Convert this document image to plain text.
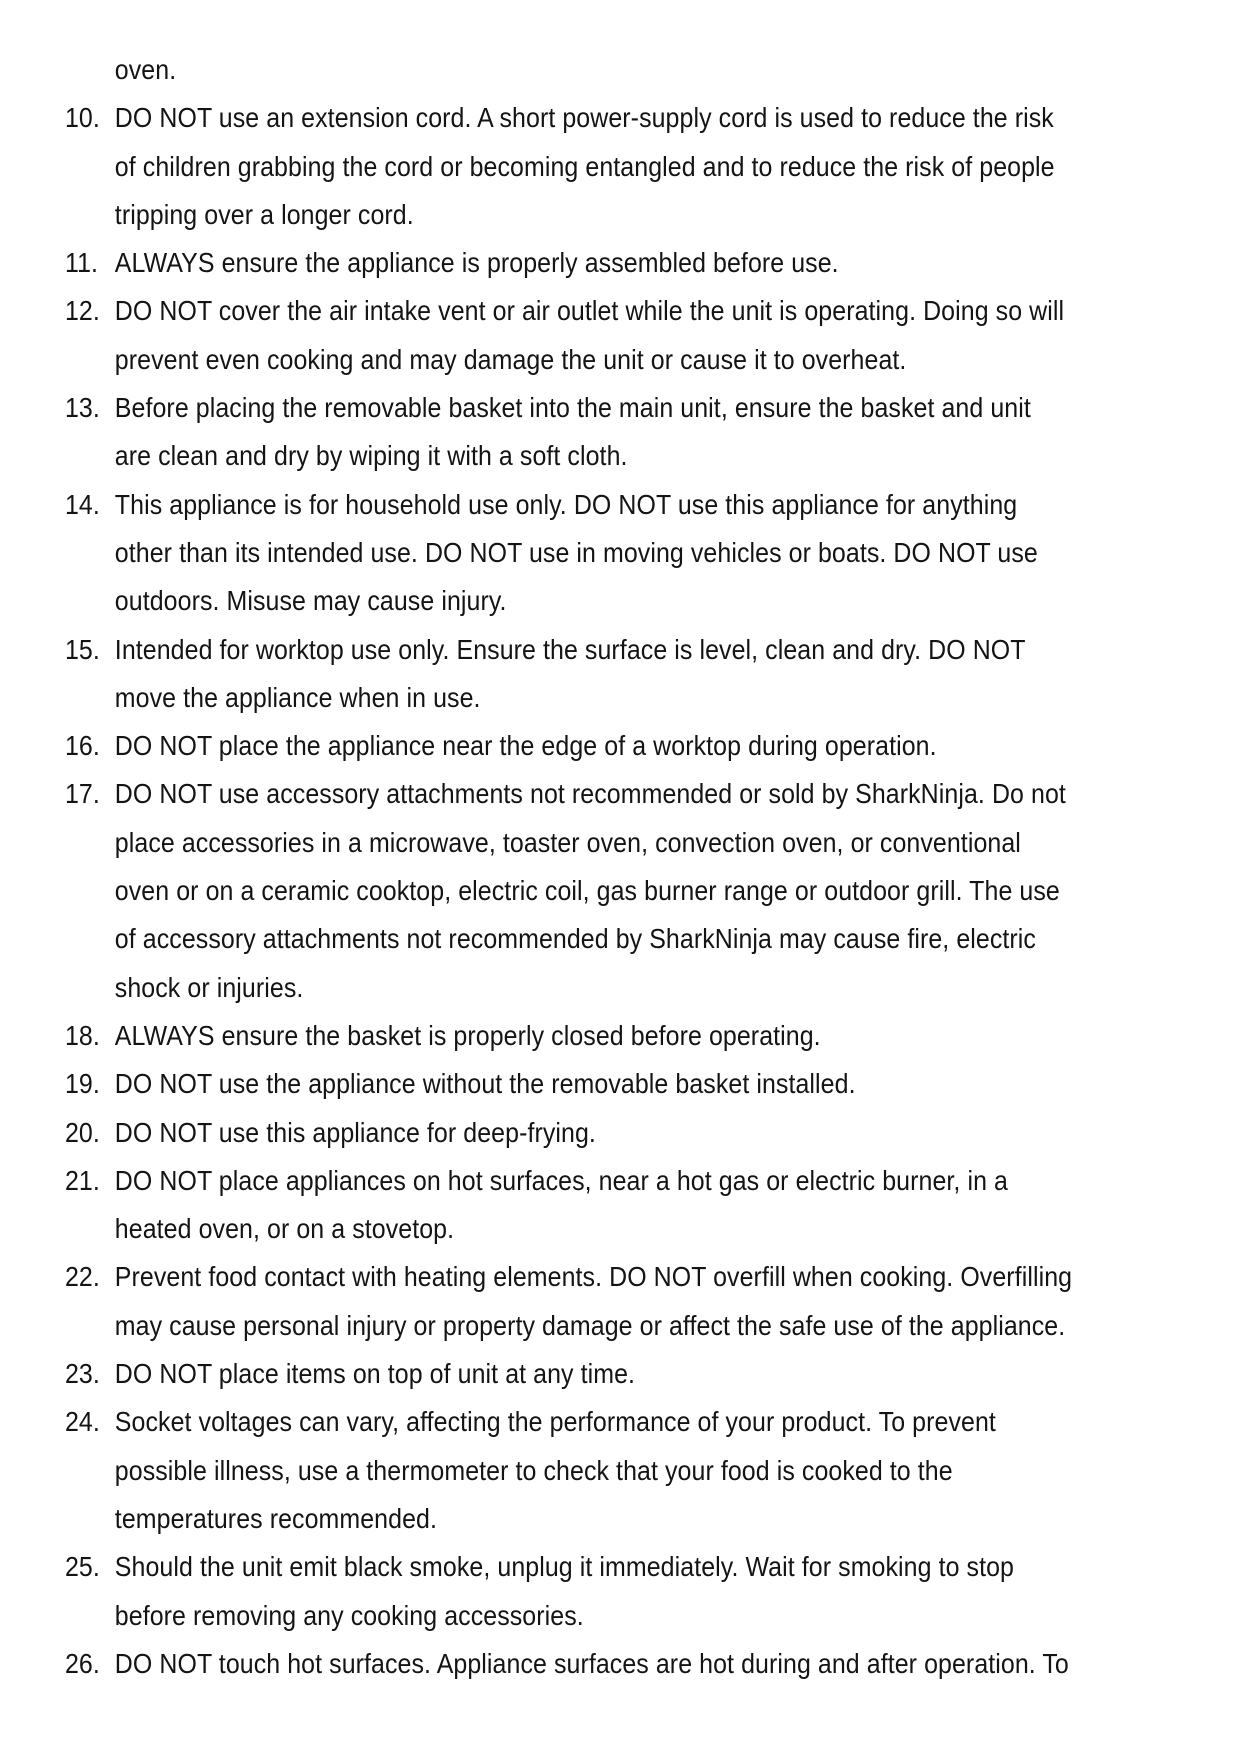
oven.

10. DO NOT use an extension cord. A short power-supply cord is used to reduce the risk
of children grabbing the cord or becoming entangled and to reduce the risk of people
tripping over a longer cord.
11. ALWAYS ensure the appliance is properly assembled before use.
12. DO NOT cover the air intake vent or air outlet while the unit is operating. Doing so will
prevent even cooking and may damage the unit or cause it to overheat.
13. Before placing the removable basket into the main unit, ensure the basket and unit
are clean and dry by wiping it with a soft cloth.
14. This appliance is for household use only. DO NOT use this appliance for anything
other than its intended use. DO NOT use in moving vehicles or boats. DO NOT use
outdoors. Misuse may cause injury.
15. Intended for worktop use only. Ensure the surface is level, clean and dry. DO NOT
move the appliance when in use.
16. DO NOT place the appliance near the edge of a worktop during operation.
17. DO NOT use accessory attachments not recommended or sold by SharkNinja. Do not
place accessories in a microwave, toaster oven, convection oven, or conventional
oven or on a ceramic cooktop, electric coil, gas burner range or outdoor grill. The use
of accessory attachments not recommended by SharkNinja may cause fire, electric
shock or injuries.
18. ALWAYS ensure the basket is properly closed before operating.
19. DO NOT use the appliance without the removable basket installed.
20. DO NOT use this appliance for deep-frying.
21. DO NOT place appliances on hot surfaces, near a hot gas or electric burner, in a
heated oven, or on a stovetop.
22. Prevent food contact with heating elements. DO NOT overfill when cooking. Overfilling
may cause personal injury or property damage or affect the safe use of the appliance.
23. DO NOT place items on top of unit at any time.
24. Socket voltages can vary, affecting the performance of your product. To prevent
possible illness, use a thermometer to check that your food is cooked to the
temperatures recommended.
25. Should the unit emit black smoke, unplug it immediately. Wait for smoking to stop
before removing any cooking accessories.
26. DO NOT touch hot surfaces. Appliance surfaces are hot during and after operation. To
